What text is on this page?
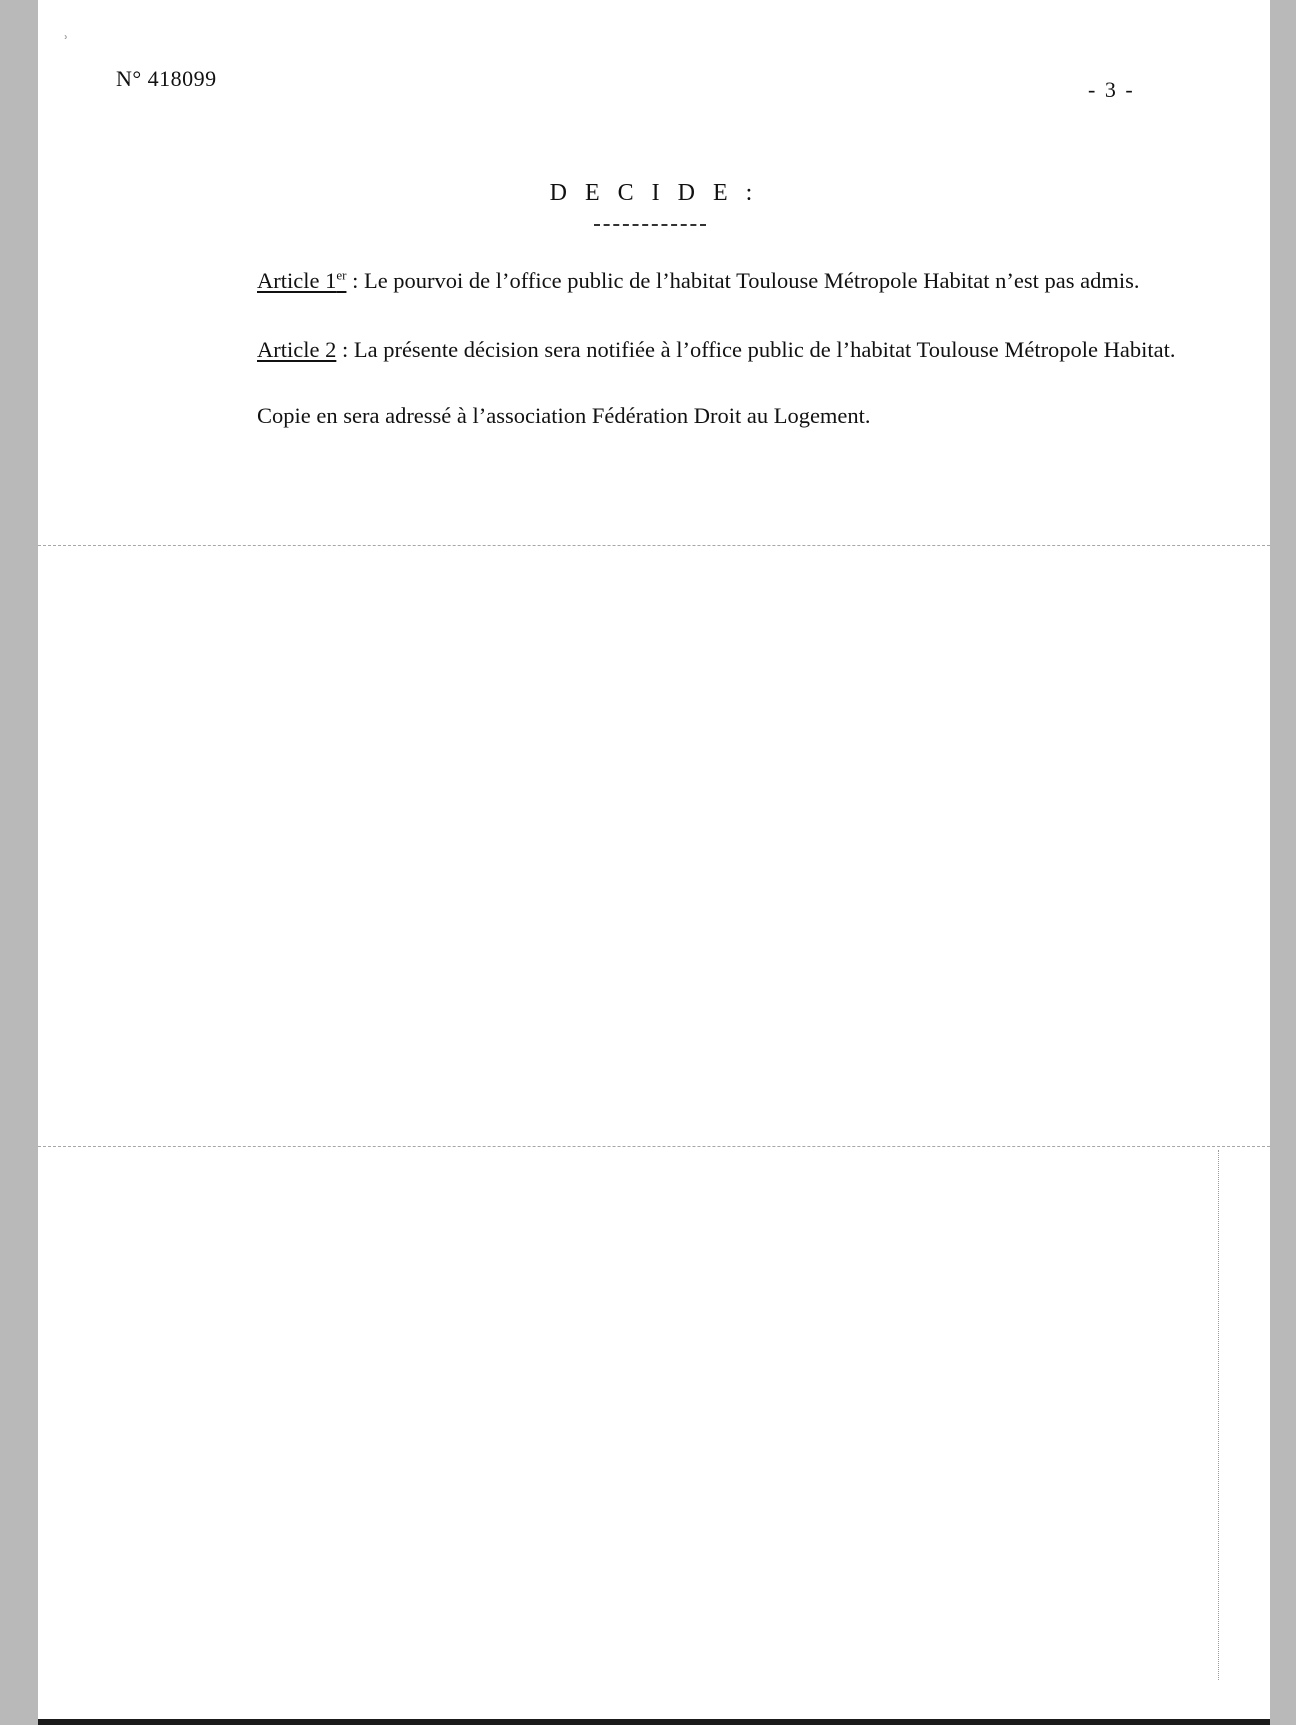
ʾ
N° 418099	- 3 -
D E C I D E :

Article 1er : Le pourvoi de l’office public de l’habitat Toulouse Métropole Habitat n’est pas admis.

Article 2 : La présente décision sera notifiée à l’office public de l’habitat Toulouse Métropole Habitat.

Copie en sera adressé à l’association Fédération Droit au Logement.
